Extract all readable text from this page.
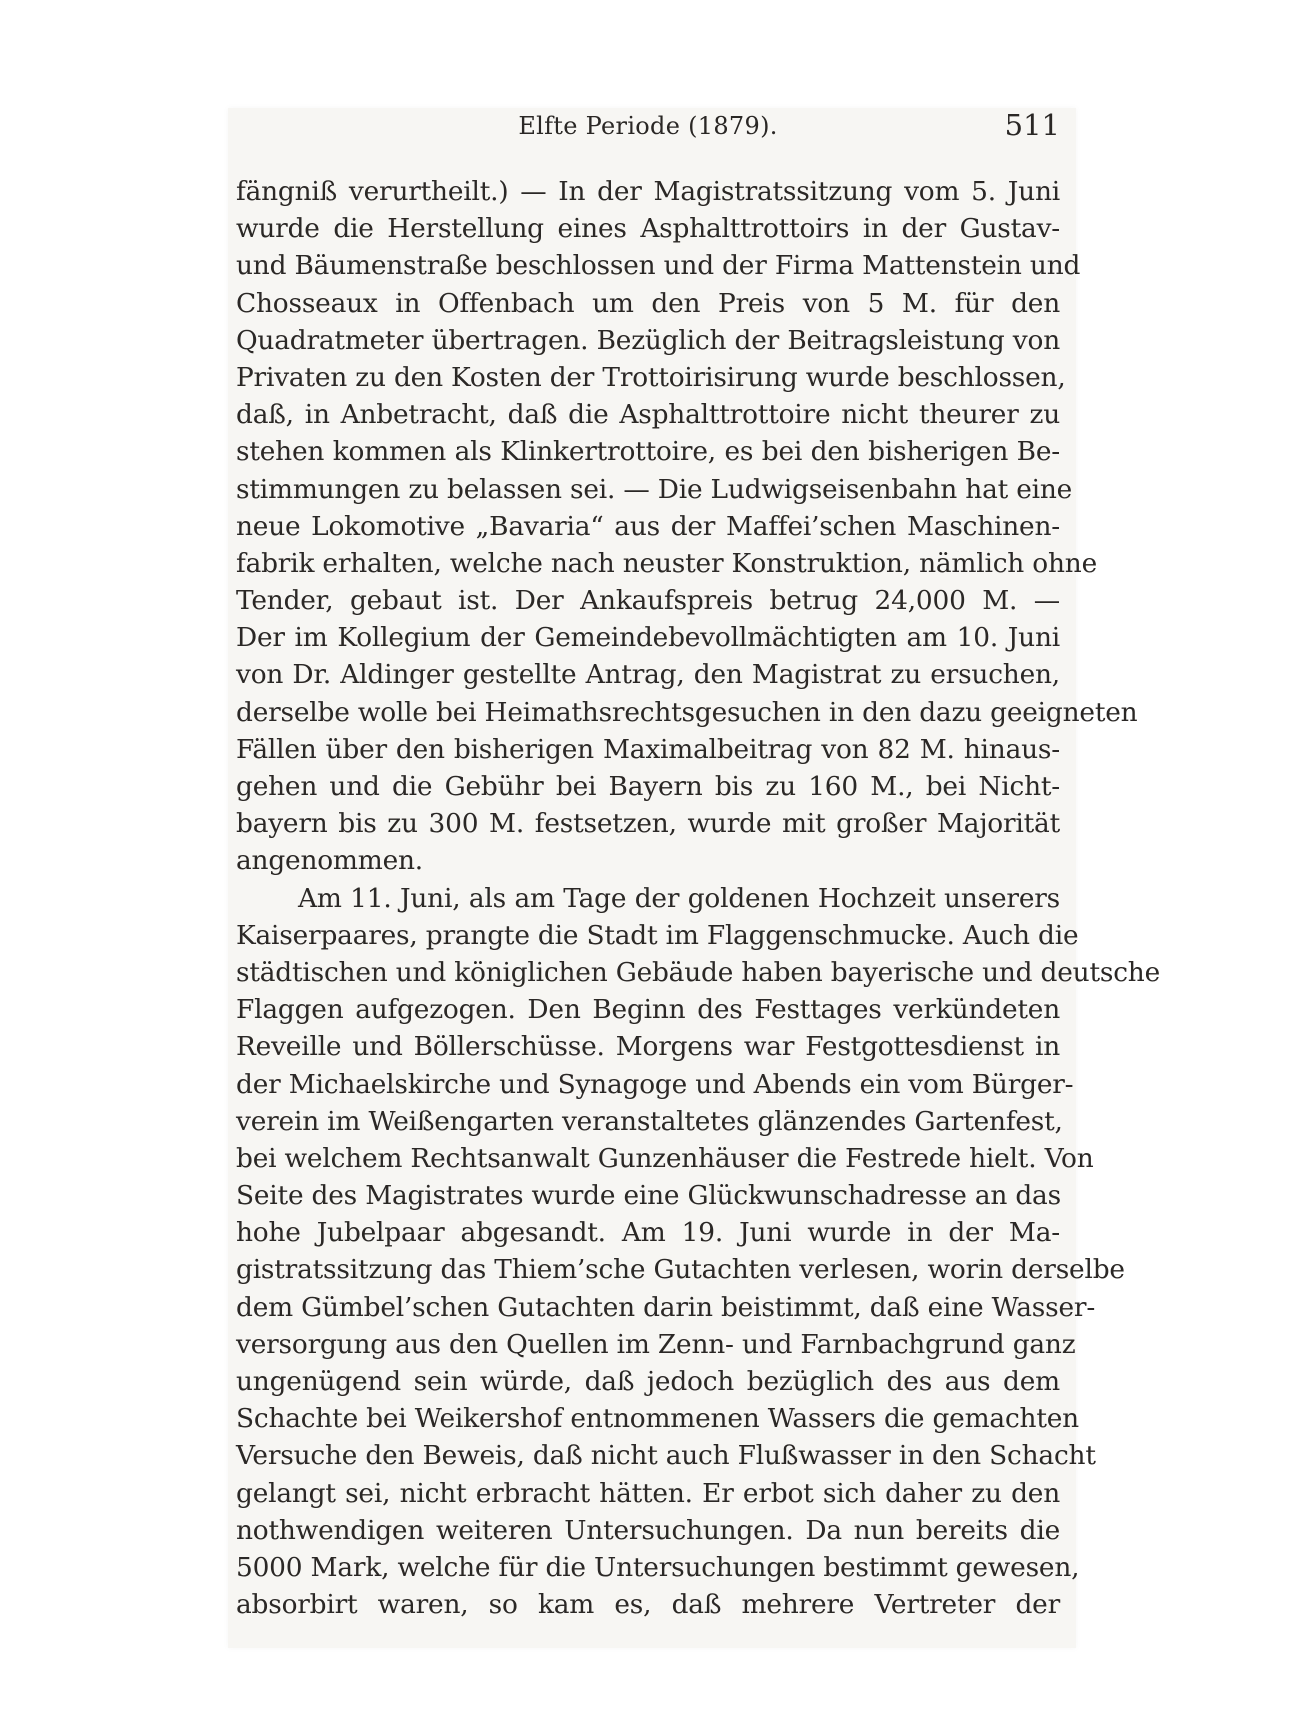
Elfte Periode (1879).	511
fängniß verurtheilt.) — In der Magistratssitzung vom 5. Juni
wurde die Herstellung eines Asphalttrottoirs in der Gustav-
und Bäumenstraße beschlossen und der Firma Mattenstein und
Chosseaux in Offenbach um den Preis von 5 M. für den
Quadratmeter übertragen. Bezüglich der Beitragsleistung von
Privaten zu den Kosten der Trottoirisirung wurde beschlossen,
daß, in Anbetracht, daß die Asphalttrottoire nicht theurer zu
stehen kommen als Klinkertrottoire, es bei den bisherigen Be-
stimmungen zu belassen sei. — Die Ludwigseisenbahn hat eine
neue Lokomotive „Bavaria“ aus der Maffei’schen Maschinen-
fabrik erhalten, welche nach neuster Konstruktion, nämlich ohne
Tender, gebaut ist. Der Ankaufspreis betrug 24,000 M. —
Der im Kollegium der Gemeindebevollmächtigten am 10. Juni
von Dr. Aldinger gestellte Antrag, den Magistrat zu ersuchen,
derselbe wolle bei Heimathsrechtsgesuchen in den dazu geeigneten
Fällen über den bisherigen Maximalbeitrag von 82 M. hinaus-
gehen und die Gebühr bei Bayern bis zu 160 M., bei Nicht-
bayern bis zu 300 M. festsetzen, wurde mit großer Majorität
angenommen.
Am 11. Juni, als am Tage der goldenen Hochzeit unserers
Kaiserpaares, prangte die Stadt im Flaggenschmucke. Auch die
städtischen und königlichen Gebäude haben bayerische und deutsche
Flaggen aufgezogen. Den Beginn des Festtages verkündeten
Reveille und Böllerschüsse. Morgens war Festgottesdienst in
der Michaelskirche und Synagoge und Abends ein vom Bürger-
verein im Weißengarten veranstaltetes glänzendes Gartenfest,
bei welchem Rechtsanwalt Gunzenhäuser die Festrede hielt. Von
Seite des Magistrates wurde eine Glückwunschadresse an das
hohe Jubelpaar abgesandt. Am 19. Juni wurde in der Ma-
gistratssitzung das Thiem’sche Gutachten verlesen, worin derselbe
dem Gümbel’schen Gutachten darin beistimmt, daß eine Wasser-
versorgung aus den Quellen im Zenn- und Farnbachgrund ganz
ungenügend sein würde, daß jedoch bezüglich des aus dem
Schachte bei Weikershof entnommenen Wassers die gemachten
Versuche den Beweis, daß nicht auch Flußwasser in den Schacht
gelangt sei, nicht erbracht hätten. Er erbot sich daher zu den
nothwendigen weiteren Untersuchungen. Da nun bereits die
5000 Mark, welche für die Untersuchungen bestimmt gewesen,
absorbirt waren, so kam es, daß mehrere Vertreter der
